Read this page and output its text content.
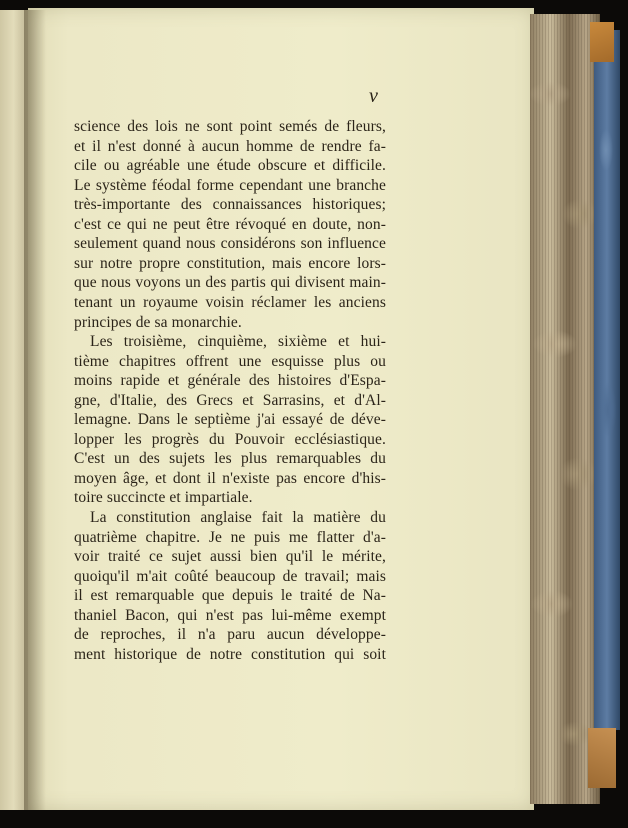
v
science des lois ne sont point semés de fleurs,
et il n'est donné à aucun homme de rendre fa-
cile ou agréable une étude obscure et difficile.
Le système féodal forme cependant une branche
très-importante des connaissances historiques;
c'est ce qui ne peut être révoqué en doute, non-
seulement quand nous considérons son influence
sur notre propre constitution, mais encore lors-
que nous voyons un des partis qui divisent main-
tenant un royaume voisin réclamer les anciens
principes de sa monarchie.
Les troisième, cinquième, sixième et hui-
tième chapitres offrent une esquisse plus ou
moins rapide et générale des histoires d'Espa-
gne, d'Italie, des Grecs et Sarrasins, et d'Al-
lemagne. Dans le septième j'ai essayé de déve-
lopper les progrès du Pouvoir ecclésiastique.
C'est un des sujets les plus remarquables du
moyen âge, et dont il n'existe pas encore d'his-
toire succincte et impartiale.
La constitution anglaise fait la matière du
quatrième chapitre. Je ne puis me flatter d'a-
voir traité ce sujet aussi bien qu'il le mérite,
quoiqu'il m'ait coûté beaucoup de travail; mais
il est remarquable que depuis le traité de Na-
thaniel Bacon, qui n'est pas lui-même exempt
de reproches, il n'a paru aucun développe-
ment historique de notre constitution qui soit
